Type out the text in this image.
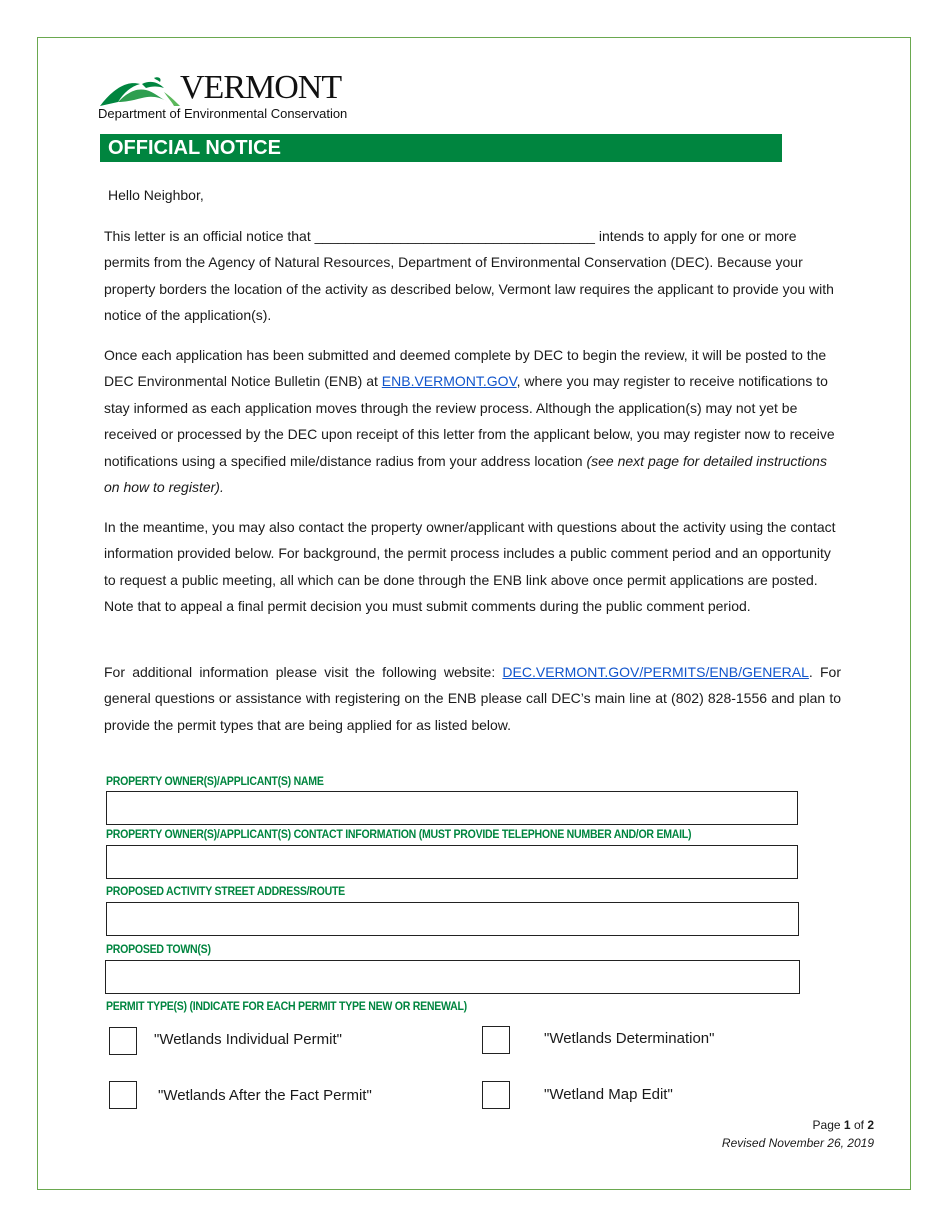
VERMONT
Department of Environmental Conservation
OFFICIAL NOTICE
Hello Neighbor,

This letter is an official notice that ____________________________________ intends to apply for one or more permits from the Agency of Natural Resources, Department of Environmental Conservation (DEC). Because your property borders the location of the activity as described below, Vermont law requires the applicant to provide you with notice of the application(s).

Once each application has been submitted and deemed complete by DEC to begin the review, it will be posted to the DEC Environmental Notice Bulletin (ENB) at ENB.VERMONT.GOV, where you may register to receive notifications to stay informed as each application moves through the review process. Although the application(s) may not yet be received or processed by the DEC upon receipt of this letter from the applicant below, you may register now to receive notifications using a specified mile/distance radius from your address location (see next page for detailed instructions on how to register).

In the meantime, you may also contact the property owner/applicant with questions about the activity using the contact information provided below. For background, the permit process includes a public comment period and an opportunity to request a public meeting, all which can be done through the ENB link above once permit applications are posted. Note that to appeal a final permit decision you must submit comments during the public comment period.

For additional information please visit the following website: DEC.VERMONT.GOV/PERMITS/ENB/GENERAL. For general questions or assistance with registering on the ENB please call DEC’s main line at (802) 828-1556 and plan to provide the permit types that are being applied for as listed below.

PROPERTY OWNER(S)/APPLICANT(S) NAME
PROPERTY OWNER(S)/APPLICANT(S) CONTACT INFORMATION (MUST PROVIDE TELEPHONE NUMBER AND/OR EMAIL)
PROPOSED ACTIVITY STREET ADDRESS/ROUTE
PROPOSED TOWN(S)
PERMIT TYPE(S) (INDICATE FOR EACH PERMIT TYPE NEW OR RENEWAL)
"Wetlands Individual Permit"	"Wetlands Determination"
"Wetlands After the Fact Permit"	"Wetland Map Edit"
Page 1 of 2
Revised November 26, 2019
